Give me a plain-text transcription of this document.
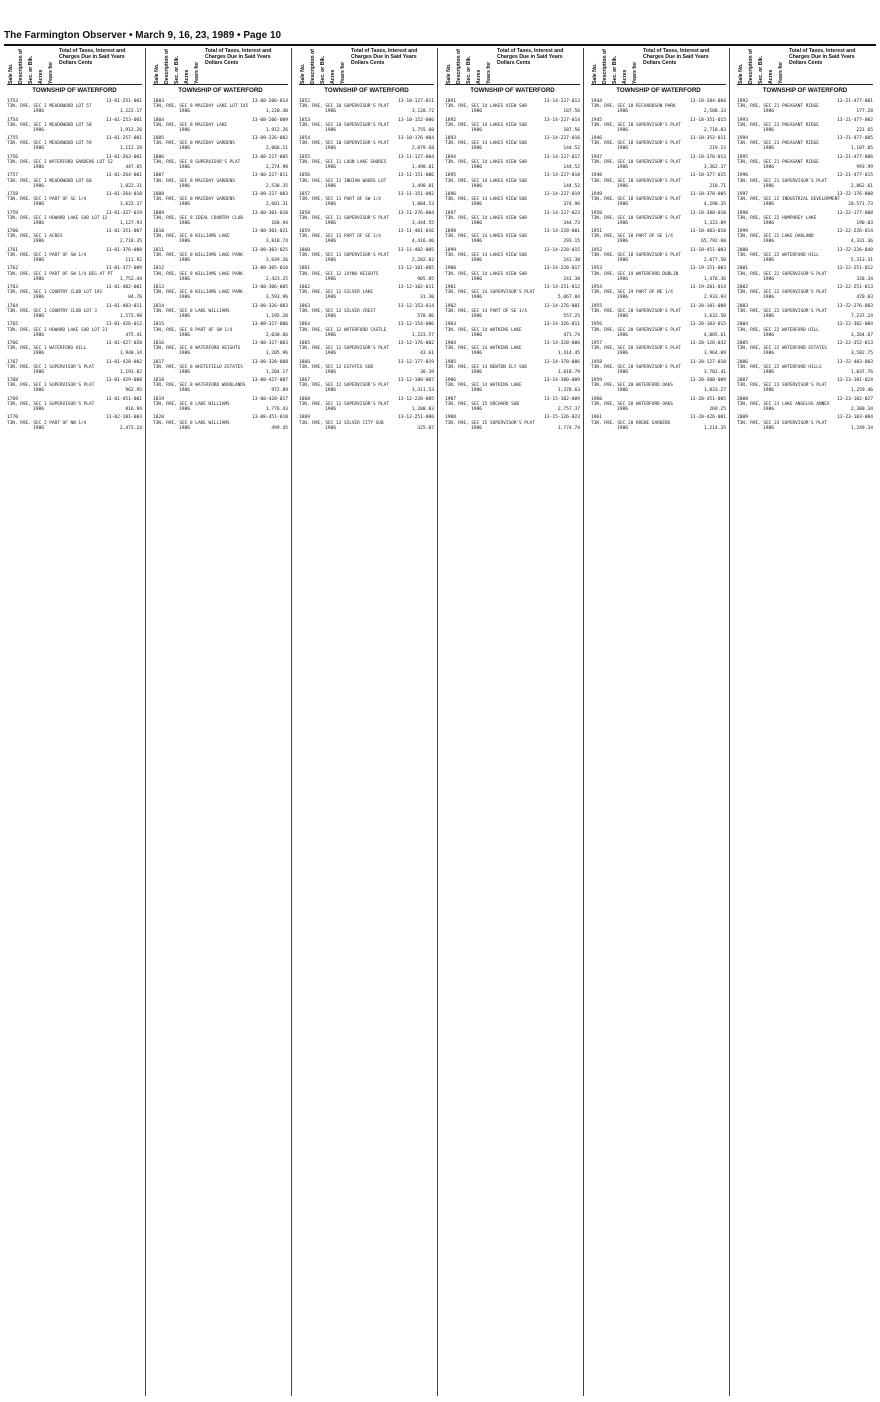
The Farmington Observer • March 9, 16, 23, 1989 • Page 10
Sale No. Description of
Sec. or Blk. Acres Years for
Total of Taxes, Interest and Charges Due in Said Years Dollars Cents
TOWNSHIP OF WATERFORD
1753	13-01-251-001
T3N, R9E, SEC 1 MEADOWOOD LOT 57
1986	1,222.17
1754	13-01-253-001
T3N, R9E, SEC 1 MEADOWOOD LOT 58
1986	1,912.26
1755	13-01-257-001
T3N, R9E, SEC 1 MEADOWOOD LOT 59
1986	1,112.28
1756	13-01-263-001
T3N, R9E, SEC 1 WATERFORD GARDENS LOT 52
1986	447.65
1757	13-01-264-001
T3N, R9E, SEC 1 MEADOWOOD LOT 60
1986	1,022.31
1758	13-01-264-010
T3N, R9E, SEC 1 PART OF SE 1/4
1986	1,622.37
1759	13-01-327-019
T3N, R9E, SEC 1 HOWARD LAKE SUB LOT 12
1986	1,127.93
1760	13-01-351-007
T3N, R9E, SEC 1 ACRES
1986	2,718.35
1761	13-01-376-008
T3N, R9E, SEC 1 PART OF SW 1/4
1986	111.92
1762	13-01-377-009
T3N, R9E, SEC 1 PART OF SW 1/4 BEG AT PT
1986	1,752.44
1763	13-01-402-001
T3N, R9E, SEC 1 COUNTRY CLUB LOT 191
1986	84.76
1764	13-01-403-011
T3N, R9E, SEC 1 COUNTRY CLUB LOT 3
1986	1,572.98
1765	13-01-426-012
T3N, R9E, SEC 1 HOWARD LAKE SUB LOT 21
1986	475.41
1766	13-01-427-020
T3N, R9E, SEC 1 WATERFORD HILL
1986	1,948.34
1767	13-01-428-002
T3N, R9E, SEC 1 SUPERVISOR'S PLAT
1986	1,193.82
1768	13-01-429-008
T3N, R9E, SEC 1 SUPERVISOR'S PLAT
1986	962.95
1769	13-01-451-001
T3N, R9E, SEC 1 SUPERVISOR'S PLAT
1986	816.94
1770	13-02-101-003
T3N, R9E, SEC 2 PART OF NW 1/4
1986	2,472.24
Sale No. Description of
Sec. or Blk. Acres Years for
Total of Taxes, Interest and Charges Due in Said Years Dollars Cents
TOWNSHIP OF WATERFORD
1803	13-08-206-014
T3N, R9E, SEC 8 MACEDAY LAKE LOT 145
1986	1,220.40
1804	13-08-206-009
T3N, R9E, SEC 8 MACEDAY LAKE
1986	1,912.26
1805	13-08-226-002
T3N, R9E, SEC 8 MACEDAY GARDENS
1986	2,066.11
1806	13-08-227-005
T3N, R9E, SEC 8 SUPERVISOR'S PLAT
1986	2,274.98
1807	13-08-227-011
T3N, R9E, SEC 8 MACEDAY GARDENS
1986	2,538.35
1808	13-08-227-003
T3N, R9E, SEC 8 MACEDAY GARDENS
1986	2,601.31
1809	13-08-301-010
T3N, R9E, SEC 8 IDEAL COUNTRY CLUB
1986	168.94
1810	13-08-301-021
T3N, R9E, SEC 8 WILLIAMS LAKE
1986	3,818.74
1811	13-08-303-025
T3N, R9E, SEC 8 WILLIAMS LAKE PARK
1986	3,649.26
1812	13-08-305-010
T3N, R9E, SEC 8 WILLIAMS LAKE PARK
1986	2,423.25
1813	13-08-306-005
T3N, R9E, SEC 8 WILLIAMS LAKE PARK
1986	3,593.96
1814	13-08-326-003
T3N, R9E, SEC 8 LAKE WILLIAMS
1986	1,195.20
1815	13-08-327-006
T3N, R9E, SEC 8 PART OF SW 1/4
1986	2,030.66
1816	13-08-327-003
T3N, R9E, SEC 8 WATERFORD HEIGHTS
1986	1,205.96
1817	13-08-328-008
T3N, R9E, SEC 8 WHITEFIELD ESTATES
1986	1,204.17
1818	13-08-427-007
T3N, R9E, SEC 8 WATERFORD WOODLANDS
1986	972.09
1819	13-08-428-017
T3N, R9E, SEC 8 LAKE WILLIAMS
1986	1,776.43
1820	13-08-451-010
T3N, R9E, SEC 8 LAKE WILLIAMS
1986	499.45
Sale No. Description of
Sec. or Blk. Acres Years for
Total of Taxes, Interest and Charges Due in Said Years Dollars Cents
TOWNSHIP OF WATERFORD
1852	13-10-127-011
T3N, R9E, SEC 10 SUPERVISOR'S PLAT
1986	3,128.72
1853	13-10-152-006
T3N, R9E, SEC 10 SUPERVISOR'S PLAT
1986	1,755.60
1854	13-10-176-004
T3N, R9E, SEC 10 SUPERVISOR'S PLAT
1986	2,079.68
1855	13-11-127-004
T3N, R9E, SEC 11 LOON LAKE SHORES
1986	1,498.01
1856	13-11-151-006
T3N, R9E, SEC 11 INDIAN WOODS LOT
1986	1,498.01
1857	13-11-151-002
T3N, R9E, SEC 11 PART OF SW 1/4
1986	1,004.53
1858	13-11-276-004
T3N, R9E, SEC 11 SUPERVISOR'S PLAT
1986	3,444.55
1859	13-11-401-016
T3N, R9E, SEC 11 PART OF SE 1/4
1986	4,416.46
1860	13-11-402-005
T3N, R9E, SEC 11 SUPERVISOR'S PLAT
1986	2,282.82
1861	13-12-101-005
T3N, R9E, SEC 12 JAYNO HEIGHTS
1986	905.85
1862	13-12-102-011
T3N, R9E, SEC 12 SILVER LAKE
1986	31.30
1863	13-12-153-014
T3N, R9E, SEC 12 SILVER CREST
1986	578.86
1864	13-12-154-006
T3N, R9E, SEC 12 WATERFORD CASTLE
1986	1,223.57
1865	13-12-176-002
T3N, R9E, SEC 12 SUPERVISOR'S PLAT
1986	43.61
1866	13-12-177-019
T3N, R9E, SEC 12 ESTATES SUB
1986	30.39
1867	13-12-180-007
T3N, R9E, SEC 12 SUPERVISOR'S PLAT
1986	3,311.53
1868	13-12-228-005
T3N, R9E, SEC 12 SUPERVISOR'S PLAT
1986	1,200.83
1869	13-12-251-006
T3N, R9E, SEC 12 SILVER CITY SUB
1986	325.07
Sale No. Description of
Sec. or Blk. Acres Years for
Total of Taxes, Interest and Charges Due in Said Years Dollars Cents
TOWNSHIP OF WATERFORD
1891	13-14-227-013
T3N, R9E, SEC 14 LAKES VIEW SUB
1986	187.56
1892	13-14-227-014
T3N, R9E, SEC 14 LAKES VIEW SUB
1986	187.56
1893	13-14-227-016
T3N, R9E, SEC 14 LAKES VIEW SUB
1986	144.52
1894	13-14-227-017
T3N, R9E, SEC 14 LAKES VIEW SUB
1986	144.52
1895	13-14-227-018
T3N, R9E, SEC 14 LAKES VIEW SUB
1986	144.52
1896	13-14-227-019
T3N, R9E, SEC 14 LAKES VIEW SUB
1986	374.96
1897	13-14-227-023
T3N, R9E, SEC 14 LAKES VIEW SUB
1986	344.73
1898	13-14-228-001
T3N, R9E, SEC 14 LAKES VIEW SUB
1986	293.15
1899	13-14-228-015
T3N, R9E, SEC 14 LAKES VIEW SUB
1986	241.38
1900	13-14-228-017
T3N, R9E, SEC 14 LAKES VIEW SUB
1986	241.38
1901	13-14-251-012
T3N, R9E, SEC 14 SUPERVISOR'S PLAT
1986	5,067.84
1902	13-14-276-001
T3N, R9E, SEC 14 PART OF SE 1/4
1986	557.25
1903	13-14-326-011
T3N, R9E, SEC 14 WATKINS LAKE
1986	471.74
1904	13-14-328-006
T3N, R9E, SEC 14 WATKINS LAKE
1986	1,414.45
1905	13-14-378-006
T3N, R9E, SEC 14 NEWTON ELY SUB
1986	1,018.79
1906	13-14-380-009
T3N, R9E, SEC 14 WATKINS LAKE
1986	1,378.63
1907	13-15-102-009
T3N, R9E, SEC 15 ORCHARD SUB
1986	2,757.37
1908	13-15-126-023
T3N, R9E, SEC 15 SUPERVISOR'S PLAT
1986	1,774.74
Sale No. Description of
Sec. or Blk. Acres Years for
Total of Taxes, Interest and Charges Due in Said Years Dollars Cents
TOWNSHIP OF WATERFORD
1944	13-18-284-004
T3N, R9E, SEC 18 RICHARDSON PARK
1986	2,508.33
1945	13-18-351-015
T3N, R9E, SEC 18 SUPERVISOR'S PLAT
1986	2,718.03
1946	13-18-352-011
T3N, R9E, SEC 18 SUPERVISOR'S PLAT
1986	219.13
1947	13-18-376-013
T3N, R9E, SEC 18 SUPERVISOR'S PLAT
1986	3,362.37
1948	13-18-377-015
T3N, R9E, SEC 18 SUPERVISOR'S PLAT
1986	210.71
1949	13-18-378-005
T3N, R9E, SEC 18 SUPERVISOR'S PLAT
1986	4,290.35
1950	13-18-380-010
T3N, R9E, SEC 18 SUPERVISOR'S PLAT
1986	1,323.09
1951	13-18-403-010
T3N, R9E, SEC 18 PART OF SE 1/4
1986	65,792.60
1952	13-18-451-003
T3N, R9E, SEC 18 SUPERVISOR'S PLAT
1986	2,077.50
1953	13-19-151-003
T3N, R9E, SEC 19 WATERFORD DUBLIN
1986	1,476.36
1954	13-19-201-014
T3N, R9E, SEC 19 PART OF NE 1/4
1986	2,933.93
1955	13-20-101-008
T3N, R9E, SEC 20 SUPERVISOR'S PLAT
1986	1,632.50
1956	13-20-103-015
T3N, R9E, SEC 20 SUPERVISOR'S PLAT
1986	4,085.61
1957	13-20-126-032
T3N, R9E, SEC 20 SUPERVISOR'S PLAT
1986	3,964.09
1958	13-20-127-010
T3N, R9E, SEC 20 SUPERVISOR'S PLAT
1986	3,702.41
1959	13-20-300-009
T3N, R9E, SEC 20 WATERFORD OAKS
1986	1,833.27
1960	13-20-351-005
T3N, R9E, SEC 20 WATERFORD OAKS
1986	269.25
1961	13-20-426-001
T3N, R9E, SEC 20 KRENE GARDENS
1986	1,214.35
Sale No. Description of
Sec. or Blk. Acres Years for
Total of Taxes, Interest and Charges Due in Said Years Dollars Cents
TOWNSHIP OF WATERFORD
1992	13-21-477-001
T3N, R9E, SEC 21 PHEASANT RIDGE
1986	177.28
1993	13-21-477-002
T3N, R9E, SEC 21 PHEASANT RIDGE
1986	221.65
1994	13-21-477-005
T3N, R9E, SEC 21 PHEASANT RIDGE
1986	1,187.85
1995	13-21-477-006
T3N, R9E, SEC 21 PHEASANT RIDGE
1986	993.99
1996	13-21-477-015
T3N, R9E, SEC 21 SUPERVISOR'S PLAT
1986	2,862.61
1997	13-22-176-008
T3N, R9E, SEC 22 INDUSTRIAL DEVELOPMENT
1986	20,571.73
1998	13-22-177-008
T3N, R9E, SEC 22 HUMPHREY LAKE
1986	190.03
1999	13-22-226-014
T3N, R9E, SEC 22 LAKE OAKLAND
1986	4,331.36
2000	13-22-226-040
T3N, R9E, SEC 22 WATERFORD HILL
1986	5,313.31
2001	13-22-251-012
T3N, R9E, SEC 22 SUPERVISOR'S PLAT
1986	328.34
2002	13-22-251-013
T3N, R9E, SEC 22 SUPERVISOR'S PLAT
1986	470.03
2003	13-22-276-003
T3N, R9E, SEC 22 SUPERVISOR'S PLAT
1986	7,237.24
2004	13-22-302-004
T3N, R9E, SEC 22 WATERFORD HILL
1986	3,264.67
2005	13-22-352-013
T3N, R9E, SEC 22 WATERFORD ESTATES
1986	3,502.75
2006	13-22-403-003
T3N, R9E, SEC 22 WATERFORD HILLS
1986	1,037.76
2007	13-23-101-024
T3N, R9E, SEC 23 SUPERVISOR'S PLAT
1986	1,259.46
2008	13-23-102-027
T3N, R9E, SEC 23 LAKE ANGELUS ANNEX
1986	2,380.34
2009	13-23-103-004
T3N, R9E, SEC 23 SUPERVISOR'S PLAT
1986	1,249.34
